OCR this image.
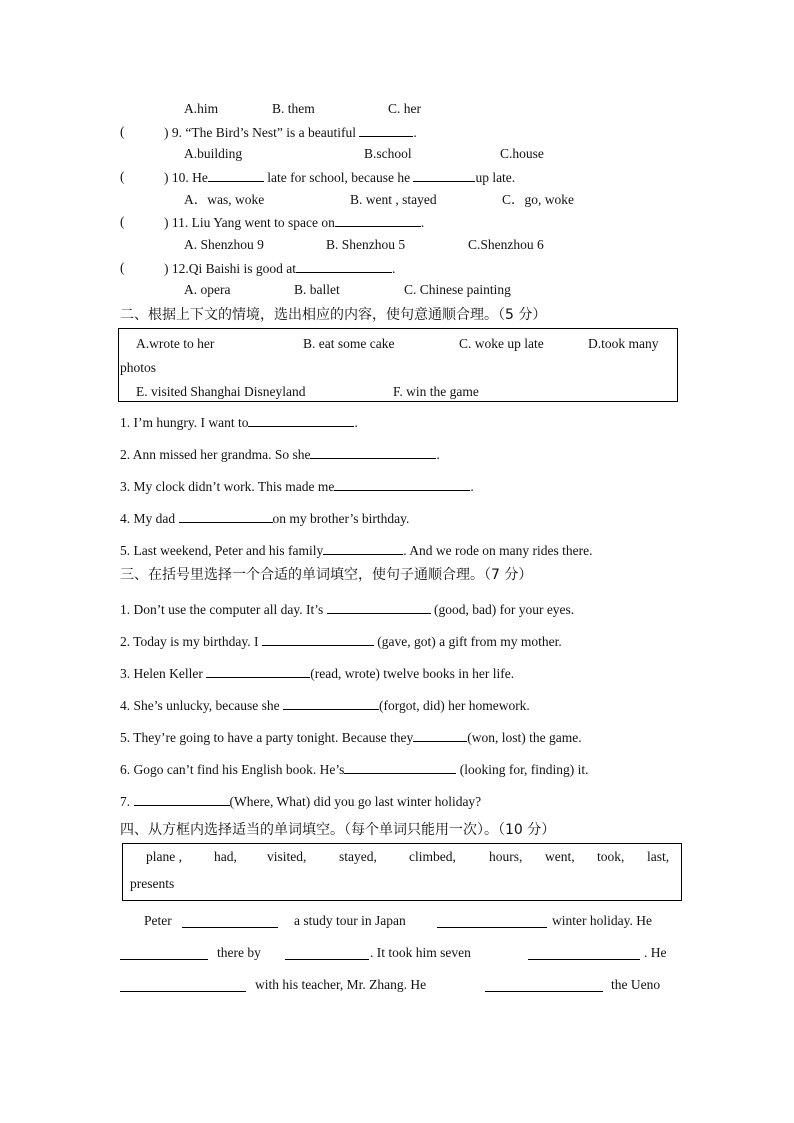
A.him	B. them	C. her
(	) 9. “The Bird’s Nest” is a beautiful	.
A.building	B.school	C.house
(	) 10. He	late for school, because he	up late.
A．was, woke	B. went , stayed	C．go, woke
(	) 11. Liu Yang went to space on	.
A. Shenzhou 9	B. Shenzhou 5	C.Shenzhou 6
(	) 12.Qi Baishi is good at	.
A. opera	B. ballet	C. Chinese painting
二、根据上下文的情境，选出相应的内容，使句意通顺合理。（5 分）
A.wrote to her	B. eat some cake	C. woke up late	D.took many
photos
E. visited Shanghai Disneyland	F. win the game
1. I’m hungry. I want to	.
2. Ann missed her grandma. So she	.
3. My clock didn’t work. This made me	.
4. My dad	on my brother’s birthday.
5. Last weekend, Peter and his family	. And we rode on many rides there.
三、在括号里选择一个合适的单词填空，使句子通顺合理。（7 分）
1. Don’t use the computer all day. It’s	(good, bad) for your eyes.
2. Today is my birthday. I	(gave, got) a gift from my mother.
3. Helen Keller	(read, wrote) twelve books in her life.
4. She’s unlucky, because she	(forgot, did) her homework.
5. They’re going to have a party tonight. Because they	(won, lost) the game.
6. Gogo can’t find his English book. He’s	(looking for, finding) it.
7.	(Where, What) did you go last winter holiday?
四、从方框内选择适当的单词填空。（每个单词只能用一次）。（10 分）
plane , had, visited, stayed, climbed, hours, went, took, last,
presents
Peter	a study tour in Japan	winter holiday. He
there by	. It took him seven	. He
with his teacher, Mr. Zhang. He	the Ueno
